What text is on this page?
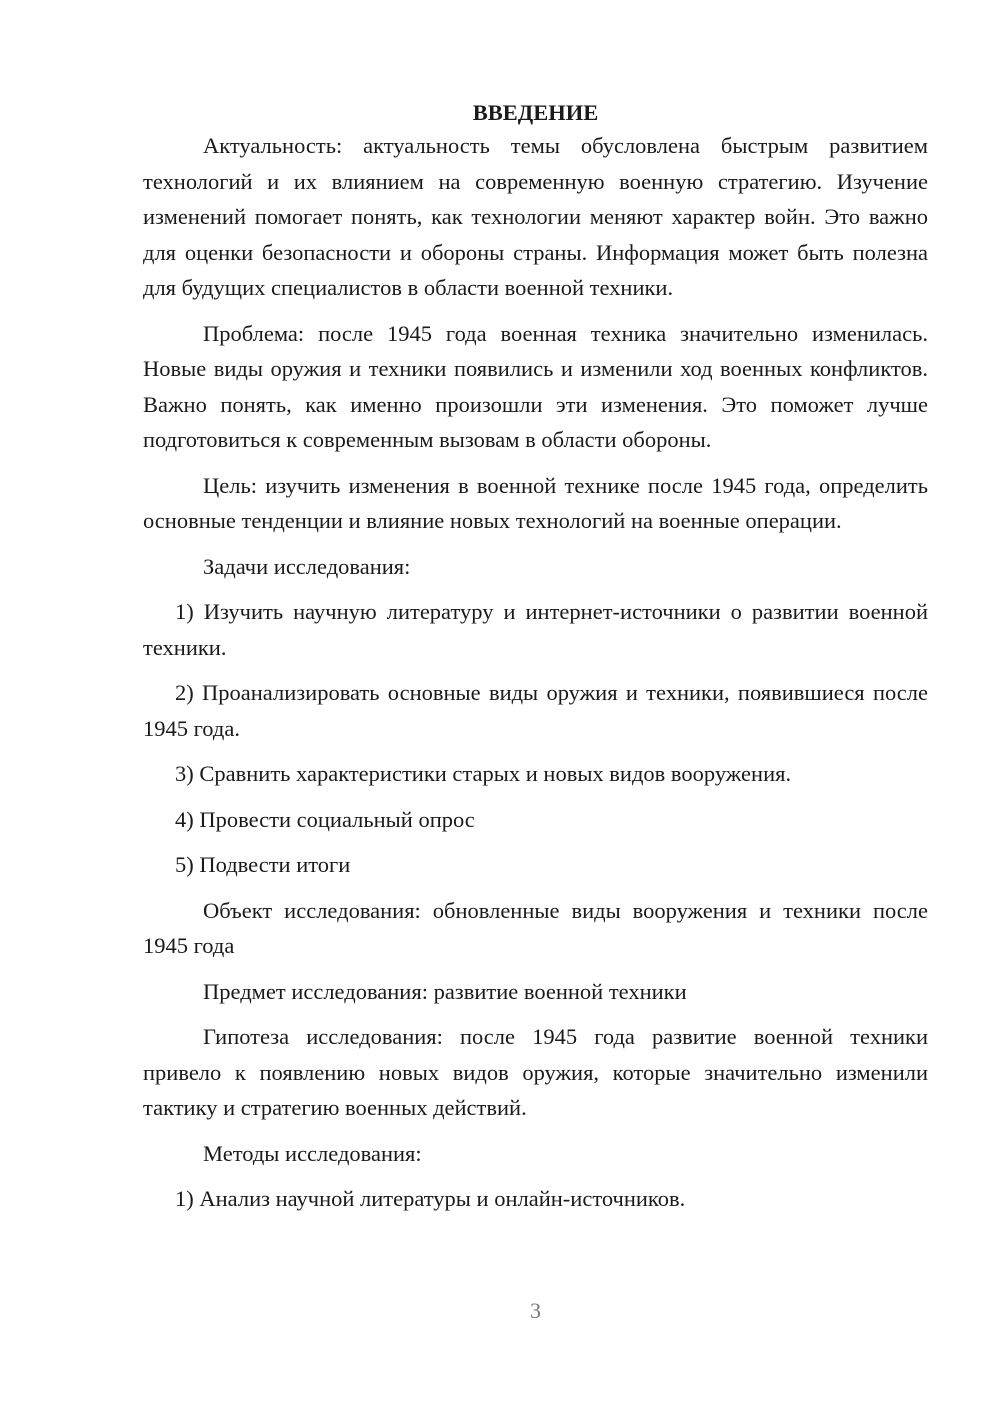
ВВЕДЕНИЕ

Актуальность: актуальность темы обусловлена быстрым развитием технологий и их влиянием на современную военную стратегию. Изучение изменений помогает понять, как технологии меняют характер войн. Это важно для оценки безопасности и обороны страны. Информация может быть полезна для будущих специалистов в области военной техники.

Проблема: после 1945 года военная техника значительно изменилась. Новые виды оружия и техники появились и изменили ход военных конфликтов. Важно понять, как именно произошли эти изменения. Это поможет лучше подготовиться к современным вызовам в области обороны.

Цель: изучить изменения в военной технике после 1945 года, определить основные тенденции и влияние новых технологий на военные операции.

Задачи исследования:

1) Изучить научную литературу и интернет-источники о развитии военной техники.

2) Проанализировать основные виды оружия и техники, появившиеся после 1945 года.

3) Сравнить характеристики старых и новых видов вооружения.

4) Провести социальный опрос

5) Подвести итоги

Объект исследования: обновленные виды вооружения и техники после 1945 года

Предмет исследования: развитие военной техники

Гипотеза исследования: после 1945 года развитие военной техники привело к появлению новых видов оружия, которые значительно изменили тактику и стратегию военных действий.

Методы исследования:

1) Анализ научной литературы и онлайн-источников.

3
